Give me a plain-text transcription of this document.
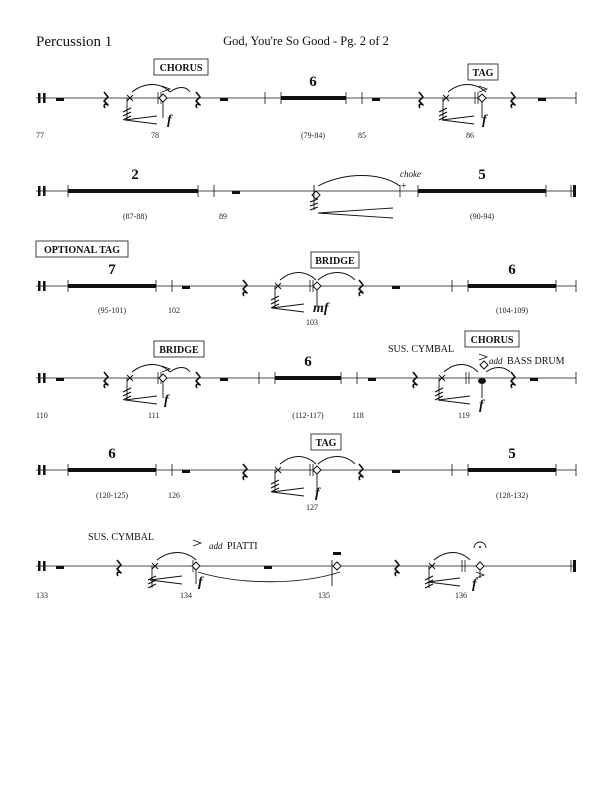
Percussion 1	God, You're So Good - Pg. 2 of 2
f
6
(79-84)
f
CHORUS	TAG
77	78	85	86
2
(87-88)
choke
+
5
(90-94)
89
OPTIONAL TAG
7
(95-101)	mf
BRIDGE
6
(104-109)
102
103
f
BRIDGE
6
(112-117)
SUS. CYMBAL
add BASS DRUM
f
CHORUS
110	111	118	119
6
(120-125)	f
TAG
5
(128-132)
126
127
SUS. CYMBAL
add PIATTI
f	f
133	134	135	136
